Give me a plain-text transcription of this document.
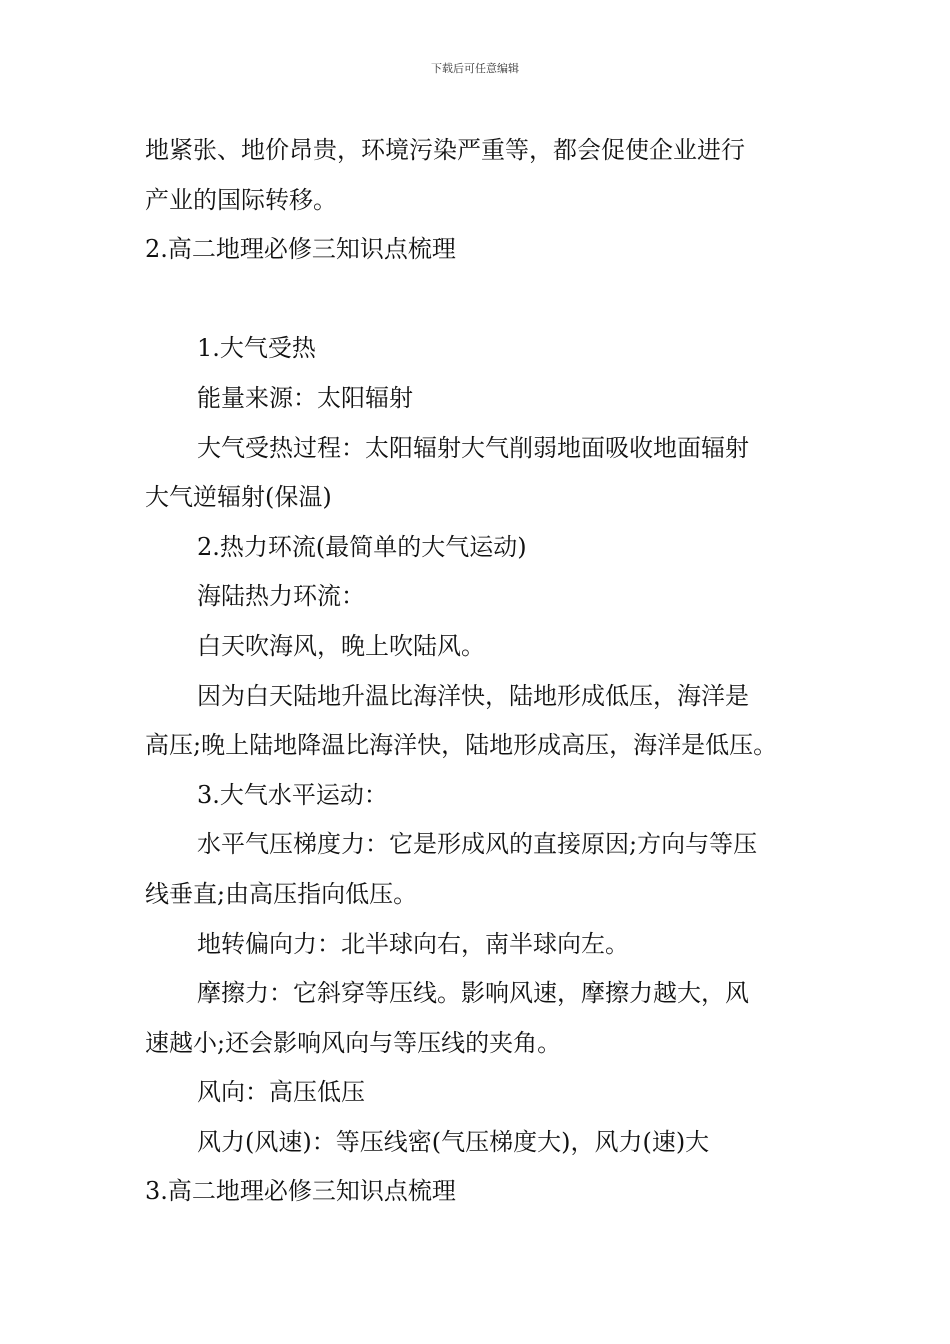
下载后可任意编辑
地紧张、地价昂贵，环境污染严重等，都会促使企业进行
产业的国际转移。
2.高二地理必修三知识点梳理
1.大气受热
能量来源：太阳辐射
大气受热过程：太阳辐射大气削弱地面吸收地面辐射
大气逆辐射(保温)
2.热力环流(最简单的大气运动)
海陆热力环流：
白天吹海风，晚上吹陆风。
因为白天陆地升温比海洋快，陆地形成低压，海洋是
高压;晚上陆地降温比海洋快，陆地形成高压，海洋是低压。
3.大气水平运动：
水平气压梯度力：它是形成风的直接原因;方向与等压
线垂直;由高压指向低压。
地转偏向力：北半球向右，南半球向左。
摩擦力：它斜穿等压线。影响风速，摩擦力越大，风
速越小;还会影响风向与等压线的夹角。
风向：高压低压
风力(风速)：等压线密(气压梯度大)，风力(速)大
3.高二地理必修三知识点梳理
